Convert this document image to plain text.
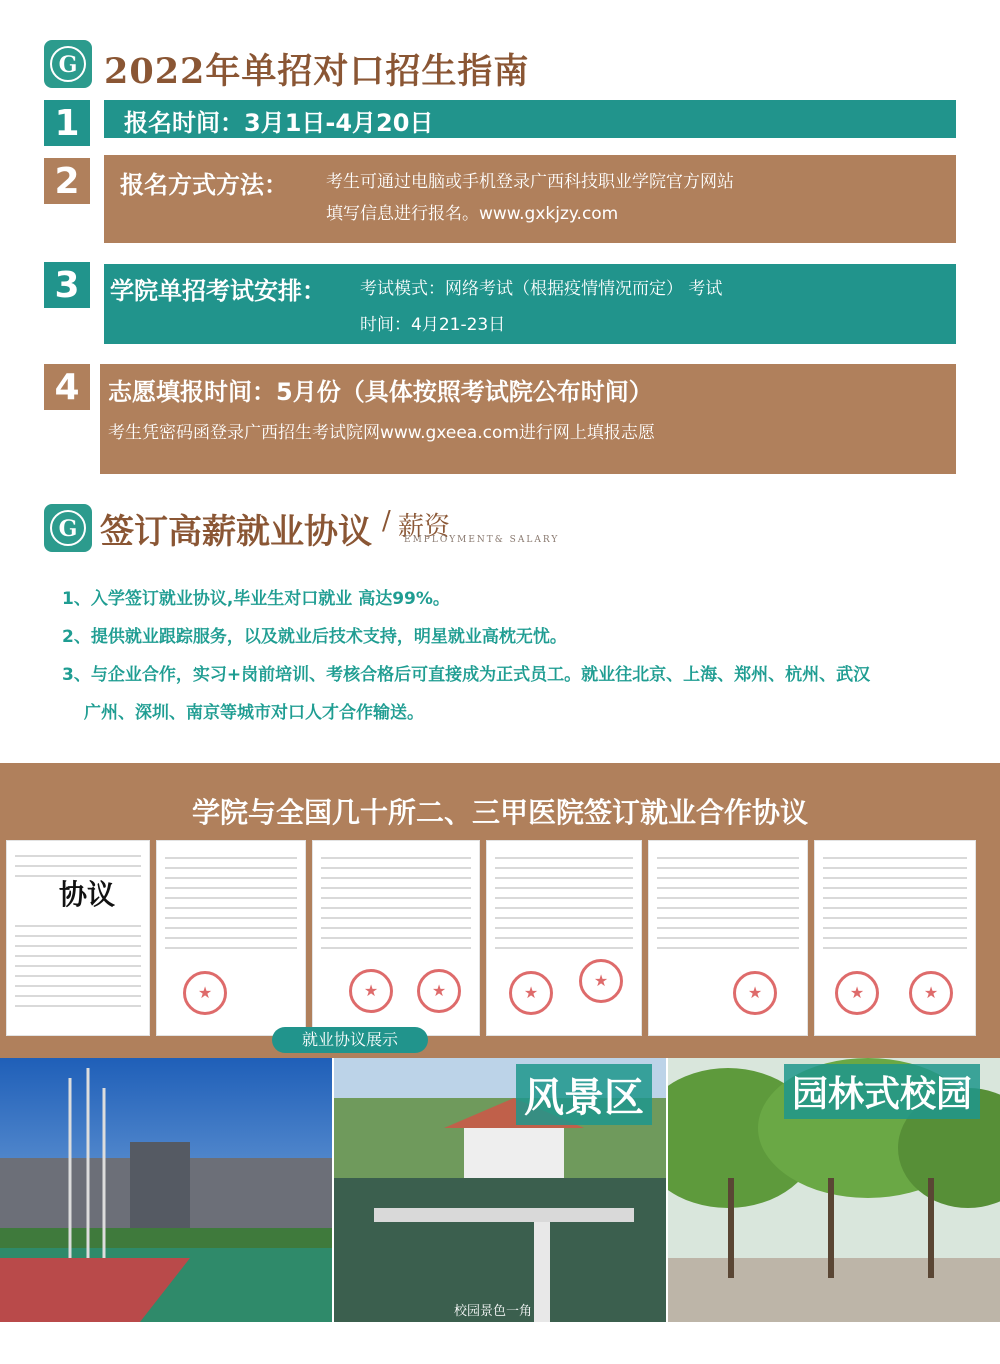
G 2022年单招对口招生指南
1	报名时间：3月1日-4月20日
2	报名方式方法： 考生可通过电脑或手机登录广西科技职业学院官方网站
填写信息进行报名。www.gxkjzy.com
3	学院单招考试安排： 考试模式：网络考试（根据疫情情况而定） 考试
时间：4月21-23日
4	志愿填报时间：5月份（具体按照考试院公布时间）
考生凭密码函登录广西招生考试院网www.gxeea.com进行网上填报志愿
G 签订高薪就业协议 / 薪资
EMPLOYMENT& SALARY
1、入学签订就业协议,毕业生对口就业 高达99%。
2、提供就业跟踪服务，以及就业后技术支持，明星就业高枕无忧。
3、与企业合作，实习+岗前培训、考核合格后可直接成为正式员工。就业往北京、上海、郑州、杭州、武汉
广州、深圳、南京等城市对口人才合作输送。
学院与全国几十所二、三甲医院签订就业合作协议
协议
★
★
★
★
★
★
★
★
就业协议展示
风景区
校园景色一角
园林式校园
